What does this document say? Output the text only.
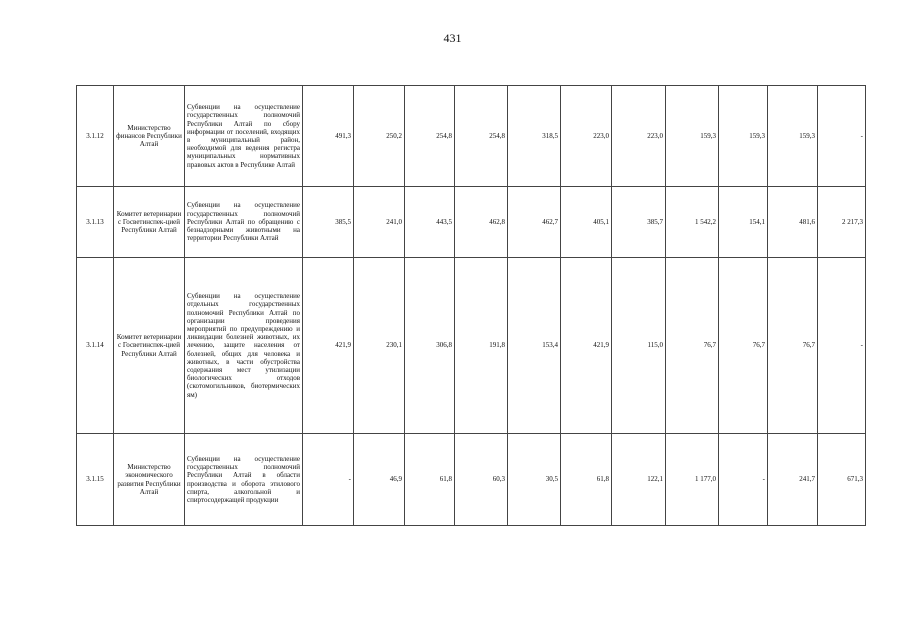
431
3.1.12	Министерство финансов Республики Алтай	Субвенции на осуществление государственных полномочий Республики Алтай по сбору информации от поселений, входящих в муниципальный район, необходимой для ведения регистра муниципальных нормативных правовых актов в Республике Алтай	491,3	250,2	254,8	254,8	318,5	223,0	223,0	159,3	159,3	159,3	-
3.1.13	Комитет ветеринарии с Госветинспек-цией Республики Алтай	Субвенции на осуществление государственных полномочий Республики Алтай по обращению с безнадзорными животными на территории Республики Алтай	385,5	241,0	443,5	462,8	462,7	405,1	385,7	1 542,2	154,1	481,6	2 217,3
3.1.14	Комитет ветеринарии с Госветинспек-цией Республики Алтай	Субвенции на осуществление отдельных государственных полномочий Республики Алтай по организации проведения мероприятий по предупреждению и ликвидации болезней животных, их лечению, защите населения от болезней, общих для человека и животных, в части обустройства содержания мест утилизации биологических отходов (скотомогильников, биотермических ям)	421,9	230,1	306,8	191,8	153,4	421,9	115,0	76,7	76,7	76,7	-
3.1.15	Министерство экономического развития Республики Алтай	Субвенции на осуществление государственных полномочий Республики Алтай в области производства и оборота этилового спирта, алкогольной и спиртосодержащей продукции	-	46,9	61,8	60,3	30,5	61,8	122,1	1 177,0	-	241,7	671,3
